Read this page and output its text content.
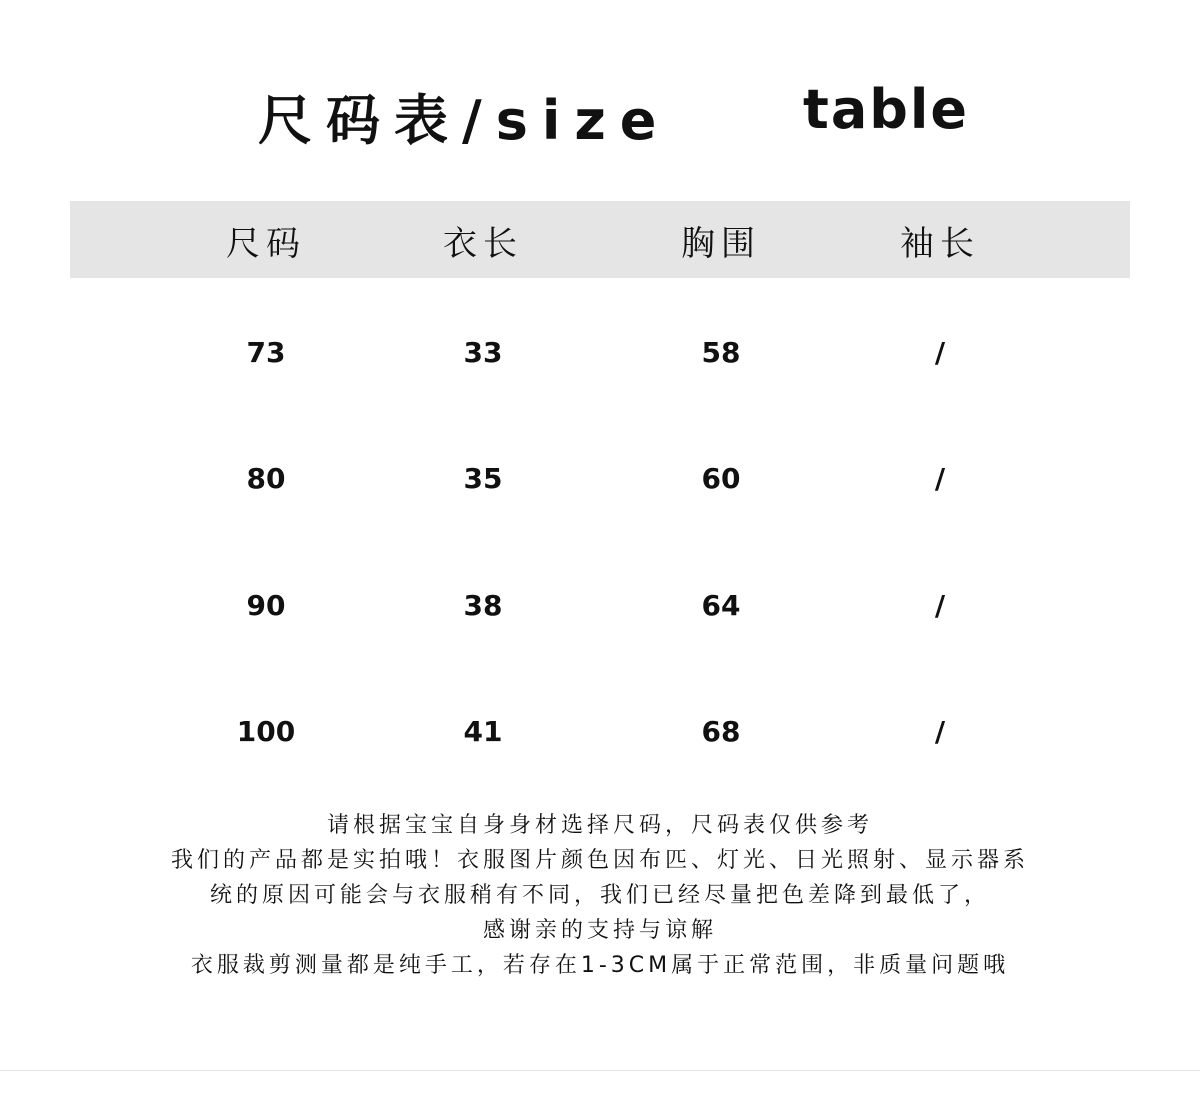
尺码表/size table
尺码	衣长	胸围	袖长
73	33	58	/
80	35	60	/
90	38	64	/
100	41	68	/
请根据宝宝自身身材选择尺码，尺码表仅供参考
我们的产品都是实拍哦！衣服图片颜色因布匹、灯光、日光照射、显示器系
统的原因可能会与衣服稍有不同，我们已经尽量把色差降到最低了，
感谢亲的支持与谅解
衣服裁剪测量都是纯手工，若存在1-3CM属于正常范围，非质量问题哦
